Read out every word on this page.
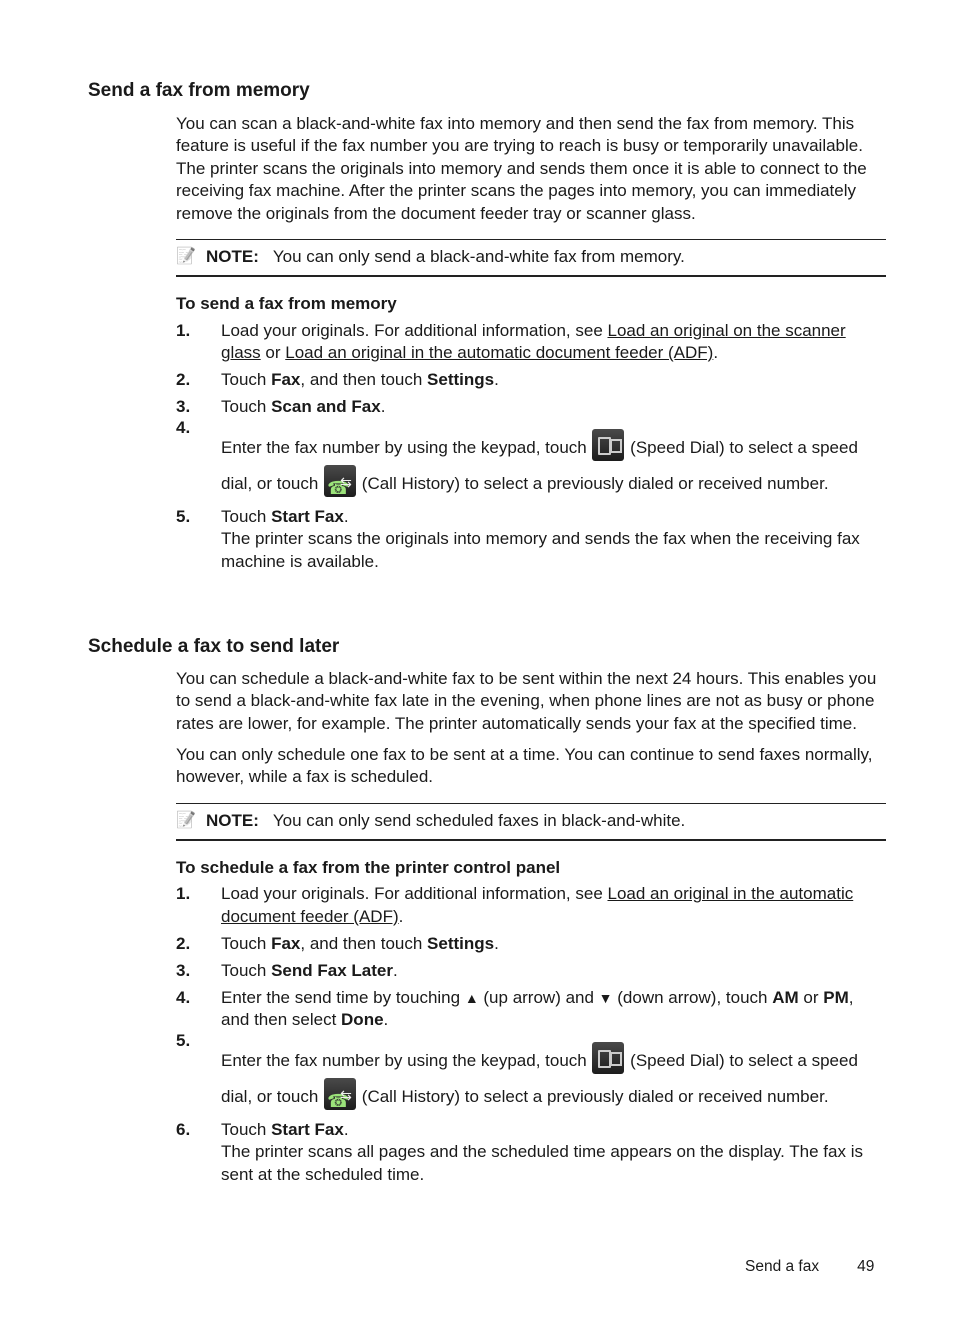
Send a fax from memory

You can scan a black-and-white fax into memory and then send the fax from memory. This feature is useful if the fax number you are trying to reach is busy or temporarily unavailable. The printer scans the originals into memory and sends them once it is able to connect to the receiving fax machine. After the printer scans the pages into memory, you can immediately remove the originals from the document feeder tray or scanner glass.

📝 NOTE: You can only send a black-and-white fax from memory.
To send a fax from memory
1.	Load your originals. For additional information, see Load an original on the scanner glass or Load an original in the automatic document feeder (ADF).
2.	Touch Fax, and then touch Settings.
3.	Touch Scan and Fax.
4.
Enter the fax number by using the keypad, touch  (Speed Dial) to select a speed dial, or touch ☎ ⇆ (Call History) to select a previously dialed or received number.
5.	Touch Start Fax.
The printer scans the originals into memory and sends the fax when the receiving fax machine is available.
Schedule a fax to send later

You can schedule a black-and-white fax to be sent within the next 24 hours. This enables you to send a black-and-white fax late in the evening, when phone lines are not as busy or phone rates are lower, for example. The printer automatically sends your fax at the specified time.

You can only schedule one fax to be sent at a time. You can continue to send faxes normally, however, while a fax is scheduled.

📝 NOTE: You can only send scheduled faxes in black-and-white.
To schedule a fax from the printer control panel
1.	Load your originals. For additional information, see Load an original in the automatic document feeder (ADF).
2.	Touch Fax, and then touch Settings.
3.	Touch Send Fax Later.
4.	Enter the send time by touching ▲ (up arrow) and ▼ (down arrow), touch AM or PM, and then select Done.
5.
Enter the fax number by using the keypad, touch  (Speed Dial) to select a speed dial, or touch ☎ ⇆ (Call History) to select a previously dialed or received number.
6.	Touch Start Fax.
The printer scans all pages and the scheduled time appears on the display. The fax is sent at the scheduled time.
Send a fax 49
